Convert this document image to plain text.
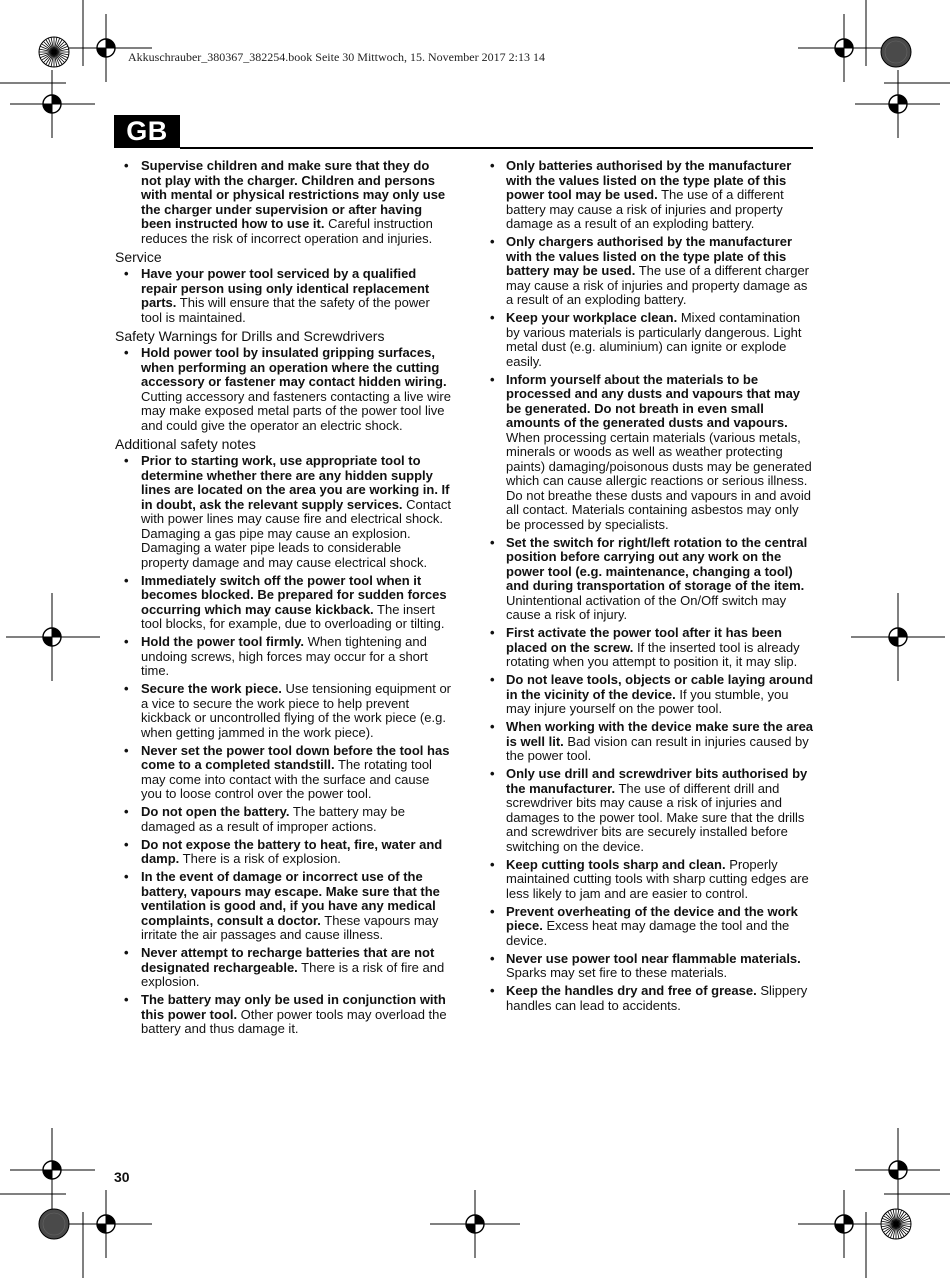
Akkuschrauber_380367_382254.book Seite 30 Mittwoch, 15. November 2017 2:13 14
GB
• Supervise children and make sure that they do not play with the charger. Children and persons with mental or physical restrictions may only use the charger under supervision or after having been instructed how to use it. Careful instruction reduces the risk of incorrect operation and injuries.
Service
• Have your power tool serviced by a qualified repair person using only identical replacement parts. This will ensure that the safety of the power tool is maintained.
Safety Warnings for Drills and Screwdrivers
• Hold power tool by insulated gripping surfaces, when performing an operation where the cutting accessory or fastener may contact hidden wiring. Cutting accessory and fasteners contacting a live wire may make exposed metal parts of the power tool live and could give the operator an electric shock.
Additional safety notes
• Prior to starting work, use appropriate tool to determine whether there are any hidden supply lines are located on the area you are working in. If in doubt, ask the relevant supply services. Contact with power lines may cause fire and electrical shock. Damaging a gas pipe may cause an explosion. Damaging a water pipe leads to considerable property damage and may cause electrical shock.
• Immediately switch off the power tool when it becomes blocked. Be prepared for sudden forces occurring which may cause kickback. The insert tool blocks, for example, due to overloading or tilting.
• Hold the power tool firmly. When tightening and undoing screws, high forces may occur for a short time.
• Secure the work piece. Use tensioning equipment or a vice to secure the work piece to help prevent kickback or uncontrolled flying of the work piece (e.g. when getting jammed in the work piece).
• Never set the power tool down before the tool has come to a completed standstill. The rotating tool may come into contact with the surface and cause you to loose control over the power tool.
• Do not open the battery. The battery may be damaged as a result of improper actions.
• Do not expose the battery to heat, fire, water and damp. There is a risk of explosion.
• In the event of damage or incorrect use of the battery, vapours may escape. Make sure that the ventilation is good and, if you have any medical complaints, consult a doctor. These vapours may irritate the air passages and cause illness.
• Never attempt to recharge batteries that are not designated rechargeable. There is a risk of fire and explosion.
• The battery may only be used in conjunction with this power tool. Other power tools may overload the battery and thus damage it.
• Only batteries authorised by the manufacturer with the values listed on the type plate of this power tool may be used. The use of a different battery may cause a risk of injuries and property damage as a result of an exploding battery.
• Only chargers authorised by the manufacturer with the values listed on the type plate of this battery may be used. The use of a different charger may cause a risk of injuries and property damage as a result of an exploding battery.
• Keep your workplace clean. Mixed contamination by various materials is particularly dangerous. Light metal dust (e.g. aluminium) can ignite or explode easily.
• Inform yourself about the materials to be processed and any dusts and vapours that may be generated. Do not breath in even small amounts of the generated dusts and vapours. When processing certain materials (various metals, minerals or woods as well as weather protecting paints) damaging/poisonous dusts may be generated which can cause allergic reactions or serious illness. Do not breathe these dusts and vapours in and avoid all contact. Materials containing asbestos may only be processed by specialists.
• Set the switch for right/left rotation to the central position before carrying out any work on the power tool (e.g. maintenance, changing a tool) and during transportation of storage of the item. Unintentional activation of the On/Off switch may cause a risk of injury.
• First activate the power tool after it has been placed on the screw. If the inserted tool is already rotating when you attempt to position it, it may slip.
• Do not leave tools, objects or cable laying around in the vicinity of the device. If you stumble, you may injure yourself on the power tool.
• When working with the device make sure the area is well lit. Bad vision can result in injuries caused by the power tool.
• Only use drill and screwdriver bits authorised by the manufacturer. The use of different drill and screwdriver bits may cause a risk of injuries and damages to the power tool. Make sure that the drills and screwdriver bits are securely installed before switching on the device.
• Keep cutting tools sharp and clean. Properly maintained cutting tools with sharp cutting edges are less likely to jam and are easier to control.
• Prevent overheating of the device and the work piece. Excess heat may damage the tool and the device.
• Never use power tool near flammable materials. Sparks may set fire to these materials.
• Keep the handles dry and free of grease. Slippery handles can lead to accidents.
30
